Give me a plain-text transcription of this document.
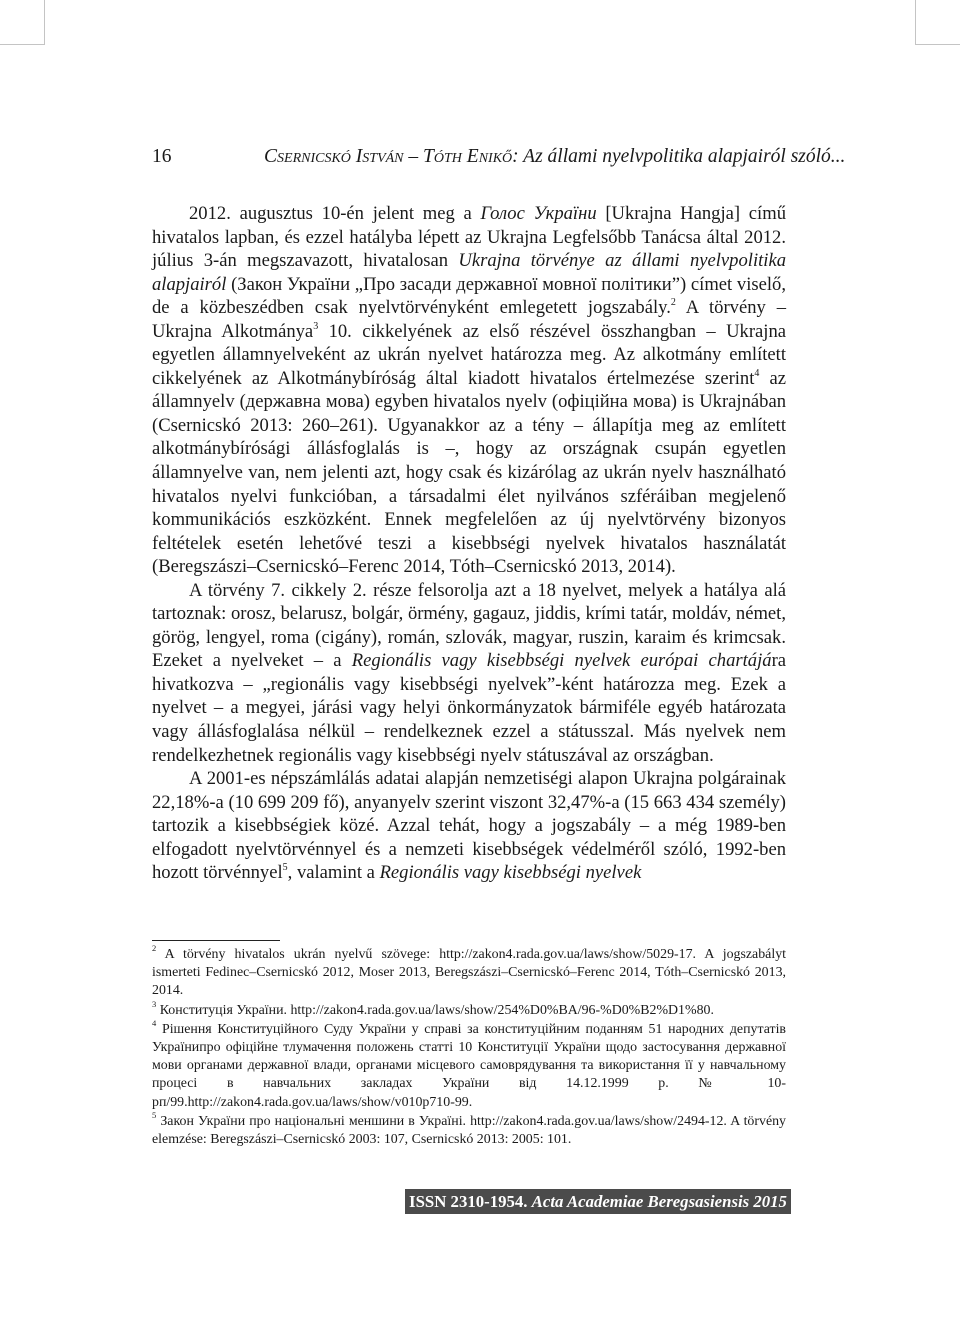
16	Csernicskó István – Tóth Enikő: Az állami nyelvpolitika alapjairól szóló...

2012. augusztus 10-én jelent meg a Голос України [Ukrajna Hangja] című hivatalos lapban, és ezzel hatályba lépett az Ukrajna Legfelsőbb Tanácsa által 2012. július 3-án megszavazott, hivatalosan Ukrajna törvénye az állami nyelvpolitika alapjairól (Закон України „Про засади державної мовної політики”) címet viselő, de a közbeszédben csak nyelvtörvényként emlegetett jogszabály.$^2$ A törvény – Ukrajna Alkotmánya$^3$ 10. cikkelyének az első részével összhangban – Ukrajna egyetlen államnyelveként az ukrán nyelvet határozza meg. Az alkotmány említett cikkelyének az Alkotmánybíróság által kiadott hivatalos értelmezése szerint$^4$ az államnyelv (державна мова) egyben hivatalos nyelv (офіційна мова) is Ukrajnában (Csernicskó 2013: 260–261). Ugyanakkor az a tény – állapítja meg az említett alkotmánybírósági állásfoglalás is –, hogy az országnak csupán egyetlen államnyelve van, nem jelenti azt, hogy csak és kizárólag az ukrán nyelv használható hivatalos nyelvi funkcióban, a társadalmi élet nyilvános szféráiban megjelenő kommunikációs eszközként. Ennek megfelelően az új nyelvtörvény bizonyos feltételek esetén lehetővé teszi a kisebbségi nyelvek hivatalos használatát (Beregszászi–Csernicskó–Ferenc 2014, Tóth–Csernicskó 2013, 2014).

A törvény 7. cikkely 2. része felsorolja azt a 18 nyelvet, melyek a hatálya alá tartoznak: orosz, belarusz, bolgár, örmény, gagauz, jiddis, krími tatár, moldáv, német, görög, lengyel, roma (cigány), román, szlovák, magyar, ruszin, karaim és krimcsak. Ezeket a nyelveket – a Regionális vagy kisebbségi nyelvek európai chartájára hivatkozva – „regionális vagy kisebbségi nyelvek”-ként határozza meg. Ezek a nyelvet – a megyei, járási vagy helyi önkormányzatok bármiféle egyéb határozata vagy állásfoglalása nélkül – rendelkeznek ezzel a státusszal. Más nyelvek nem rendelkezhetnek regionális vagy kisebbségi nyelv státuszával az országban.

A 2001-es népszámlálás adatai alapján nemzetiségi alapon Ukrajna polgárainak 22,18%-a (10 699 209 fő), anyanyelv szerint viszont 32,47%-a (15 663 434 személy) tartozik a kisebbségiek közé. Azzal tehát, hogy a jogszabály – a még 1989-ben elfogadott nyelvtörvénnyel és a nemzeti kisebbségek védelméről szóló, 1992-ben hozott törvénnyel$^5$, valamint a Regionális vagy kisebbségi nyelvek

$^2$ A törvény hivatalos ukrán nyelvű szövege: http://zakon4.rada.gov.ua/laws/show/5029-17. A jogszabályt ismerteti Fedinec–Csernicskó 2012, Moser 2013, Beregszászi–Csernicskó–Ferenc 2014, Tóth–Csernicskó 2013, 2014.

$^3$ Конституція України. http://zakon4.rada.gov.ua/laws/show/254%D0%BA/96-%D0%B2%D1%80.

$^4$ Рішення Конституційного Суду України у справі за конституційним поданням 51 народних депутатів Українипро офіційне тлумачення положень статті 10 Конституції України щодо застосування державної мови органами державної влади, органами місцевого самоврядування та використання її у навчальному процесі в навчальних закладах України від 14.12.1999 р. № 10-рп/99.http://zakon4.rada.gov.ua/laws/show/v010p710-99.

$^5$ Закон України про національні меншини в Україні. http://zakon4.rada.gov.ua/laws/show/2494-12. A törvény elemzése: Beregszászi–Csernicskó 2003: 107, Csernicskó 2013: 2005: 101.

ISSN 2310-1954. Acta Academiae Beregsasiensis 2015
